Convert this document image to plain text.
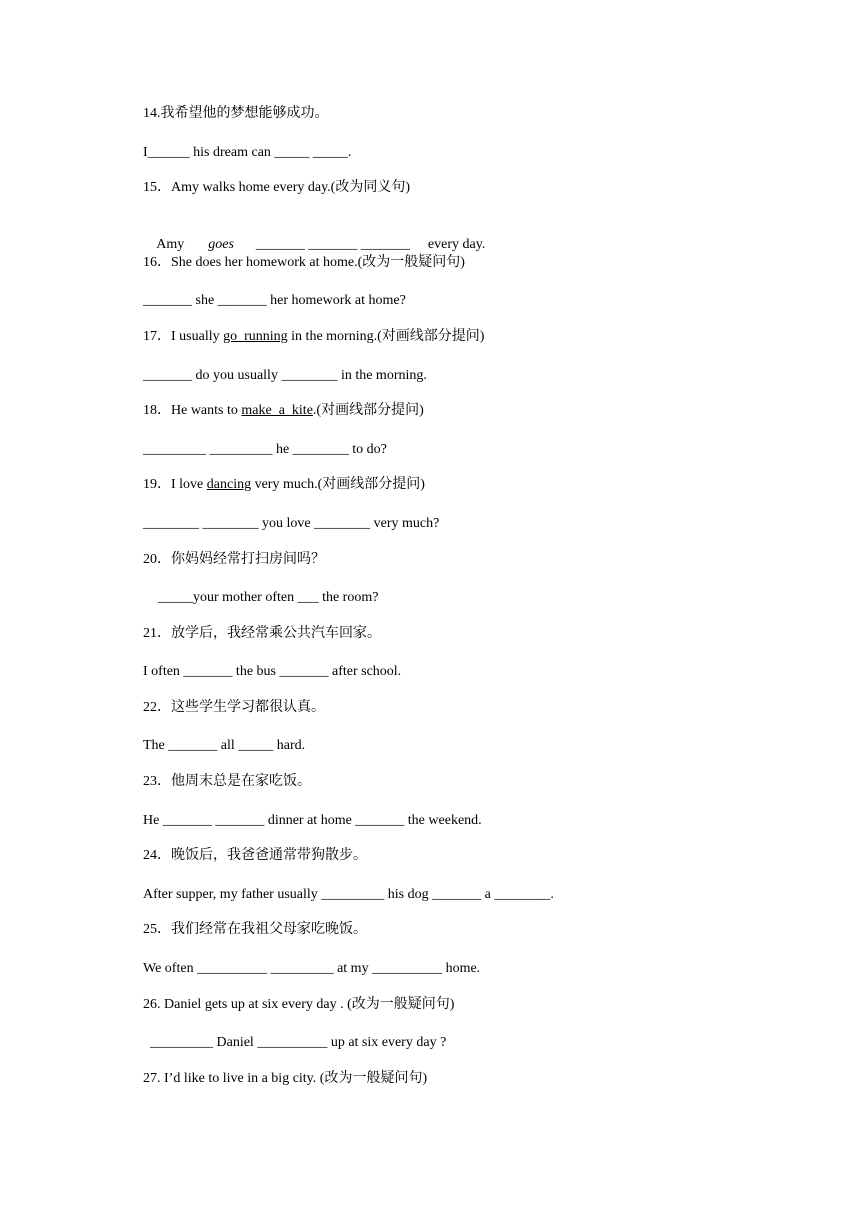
14.我希望他的梦想能够成功。
I______ his dream can _____ _____.
15．Amy walks home every day.(改为同义句)

Amy goes _______ _______ _______ every day.

16．She does her homework at home.(改为一般疑问句)
_______ she _______ her homework at home?
17．I usually go  running in the morning.(对画线部分提问)
_______ do you usually ________ in the morning.
18．He wants to make  a  kite.(对画线部分提问)
_________ _________ he ________ to do?
19．I love dancing very much.(对画线部分提问)
________ ________ you love ________ very much?
20．你妈妈经常打扫房间吗？
_____your mother often ___ the room?
21．放学后，我经常乘公共汽车回家。
I often _______ the bus _______ after school.
22．这些学生学习都很认真。
The _______ all _____ hard.
23．他周末总是在家吃饭。
He _______ _______ dinner at home _______ the weekend.
24．晚饭后，我爸爸通常带狗散步。
After supper, my father usually _________ his dog _______ a ________.
25．我们经常在我祖父母家吃晚饭。
We often __________ _________ at my __________ home.
26. Daniel gets up at six every day . (改为一般疑问句)
_________ Daniel __________ up at six every day ?
27. I’d like to live in a big city. (改为一般疑问句)
